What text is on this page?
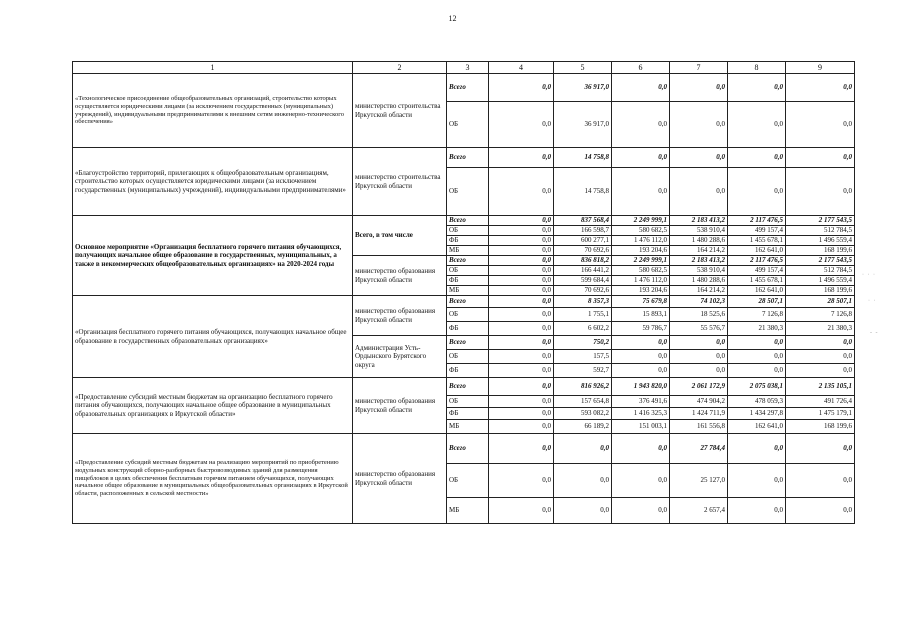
12
1	2	3	4	5	6	7	8	9
«Технологическое присоединение общеобразовательных организаций, строительство которых осуществляется юридическими лицами (за исключением государственных (муниципальных) учреждений), индивидуальными предпринимателями к внешним сетям инженерно-технического обеспечения»	министерство строительства Иркутской области	Всего	0,0	36 917,0	0,0	0,0	0,0	0,0
		ОБ	0,0	36 917,0	0,0	0,0	0,0	0,0
«Благоустройство территорий, прилегающих к общеобразовательным организациям, строительство которых осуществляется юридическими лицами (за исключением государственных (муниципальных) учреждений), индивидуальными предпринимателями»	министерство строительства Иркутской области	Всего	0,0	14 758,8	0,0	0,0	0,0	0,0
		ОБ	0,0	14 758,8	0,0	0,0	0,0	0,0
Основное мероприятие «Организация бесплатного горячего питания обучающихся, получающих начальное общее образование в государственных, муниципальных, а также в некоммерческих общеобразовательных организациях» на 2020-2024 годы	Всего, в том числе	Всего	0,0	837 568,4	2 249 999,1	2 183 413,2	2 117 476,5	2 177 543,5
		ОБ	0,0	166 598,7	580 682,5	538 910,4	499 157,4	512 784,5
		ФБ	0,0	600 277,1	1 476 112,0	1 480 288,6	1 455 678,1	1 496 559,4
		МБ	0,0	70 692,6	193 204,6	164 214,2	162 641,0	168 199,6
	министерство образования Иркутской области	Всего	0,0	836 818,2	2 249 999,1	2 183 413,2	2 117 476,5	2 177 543,5
		ОБ	0,0	166 441,2	580 682,5	538 910,4	499 157,4	512 784,5
		ФБ	0,0	599 684,4	1 476 112,0	1 480 288,6	1 455 678,1	1 496 559,4
		МБ	0,0	70 692,6	193 204,6	164 214,2	162 641,0	168 199,6
«Организация бесплатного горячего питания обучающихся, получающих начальное общее образование в государственных образовательных организациях»	министерство образования Иркутской области	Всего	0,0	8 357,3	75 679,8	74 102,3	28 507,1	28 507,1
		ОБ	0,0	1 755,1	15 893,1	18 525,6	7 126,8	7 126,8
		ФБ	0,0	6 602,2	59 786,7	55 576,7	21 380,3	21 380,3
	Администрация Усть-Ордынского Бурятского округа	Всего	0,0	750,2	0,0	0,0	0,0	0,0
		ОБ	0,0	157,5	0,0	0,0	0,0	0,0
		ФБ	0,0	592,7	0,0	0,0	0,0	0,0
«Предоставление субсидий местным бюджетам на организацию бесплатного горячего питания обучающихся, получающих начальное общее образование в муниципальных образовательных организациях в Иркутской области»	министерство образования Иркутской области	Всего	0,0	816 926,2	1 943 820,0	2 061 172,9	2 075 038,1	2 135 105,1
		ОБ	0,0	157 654,8	376 491,6	474 904,2	478 059,3	491 726,4
		ФБ	0,0	593 082,2	1 416 325,3	1 424 711,9	1 434 297,8	1 475 179,1
		МБ	0,0	66 189,2	151 003,1	161 556,8	162 641,0	168 199,6
«Предоставление субсидий местным бюджетам на реализацию мероприятий по приобретению модульных конструкций сборно-разборных быстровозводимых зданий для размещения пищеблоков в целях обеспечения бесплатным горячим питанием обучающихся, получающих начальное общее образование в муниципальных общеобразовательных организациях в Иркутской области, расположенных в сельской местности»	министерство образования Иркутской области	Всего	0,0	0,0	0,0	27 784,4	0,0	0,0
		ОБ	0,0	0,0	0,0	25 127,0	0,0	0,0
		МБ	0,0	0,0	0,0	2 657,4	0,0	0,0
· · ·
· ·
- -
